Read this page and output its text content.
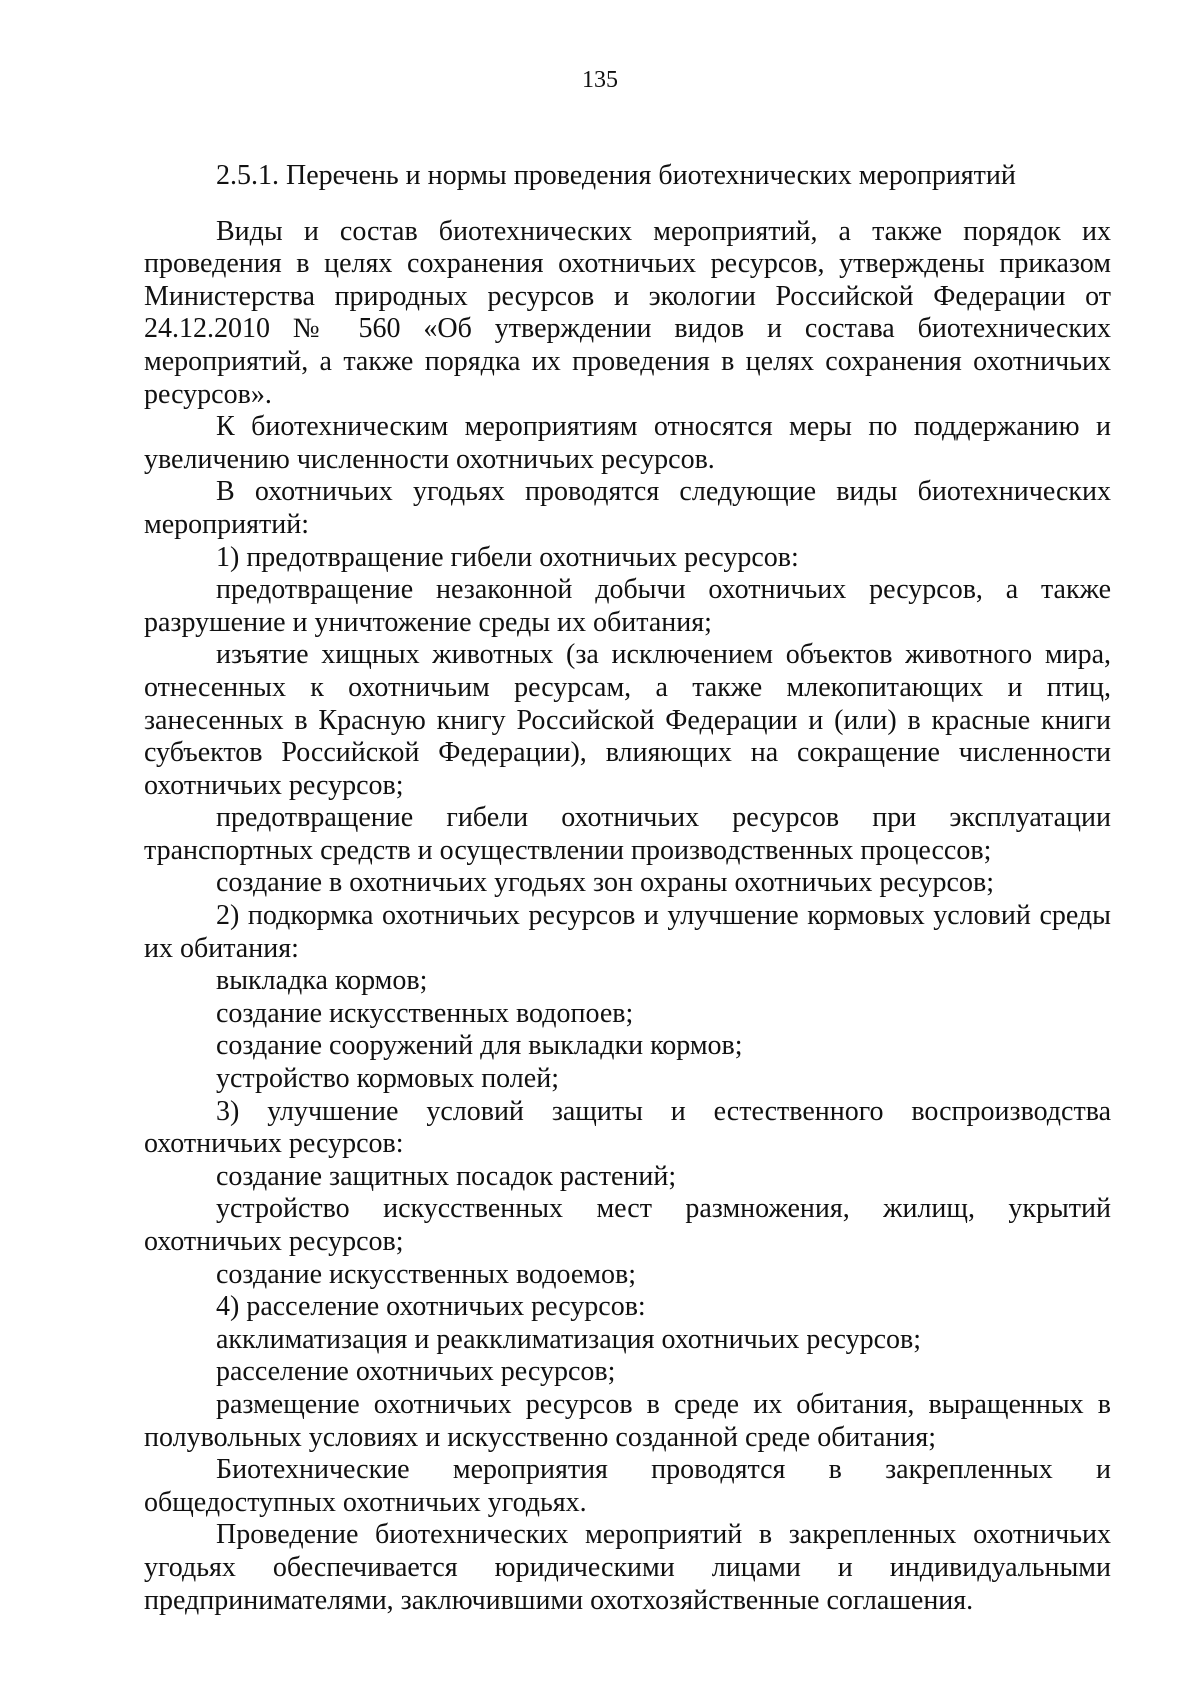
135

2.5.1. Перечень и нормы проведения биотехнических мероприятий

Виды и состав биотехнических мероприятий, а также порядок их проведения в целях сохранения охотничьих ресурсов, утверждены приказом Министерства природных ресурсов и экологии Российской Федерации от 24.12.2010 № 560 «Об утверждении видов и состава биотехнических мероприятий, а также порядка их проведения в целях сохранения охотничьих ресурсов».

К биотехническим мероприятиям относятся меры по поддержанию и увеличению численности охотничьих ресурсов.

В охотничьих угодьях проводятся следующие виды биотехнических мероприятий:

1) предотвращение гибели охотничьих ресурсов:

предотвращение незаконной добычи охотничьих ресурсов, а также разрушение и уничтожение среды их обитания;

изъятие хищных животных (за исключением объектов животного мира, отнесенных к охотничьим ресурсам, а также млекопитающих и птиц, занесенных в Красную книгу Российской Федерации и (или) в красные книги субъектов Российской Федерации), влияющих на сокращение численности охотничьих ресурсов;

предотвращение гибели охотничьих ресурсов при эксплуатации транспортных средств и осуществлении производственных процессов;

создание в охотничьих угодьях зон охраны охотничьих ресурсов;

2) подкормка охотничьих ресурсов и улучшение кормовых условий среды их обитания:

выкладка кормов;

создание искусственных водопоев;

создание сооружений для выкладки кормов;

устройство кормовых полей;

3) улучшение условий защиты и естественного воспроизводства охотничьих ресурсов:

создание защитных посадок растений;

устройство искусственных мест размножения, жилищ, укрытий охотничьих ресурсов;

создание искусственных водоемов;

4) расселение охотничьих ресурсов:

акклиматизация и реакклиматизация охотничьих ресурсов;

расселение охотничьих ресурсов;

размещение охотничьих ресурсов в среде их обитания, выращенных в полувольных условиях и искусственно созданной среде обитания;

Биотехнические мероприятия проводятся в закрепленных и общедоступных охотничьих угодьях.

Проведение биотехнических мероприятий в закрепленных охотничьих угодьях обеспечивается юридическими лицами и индивидуальными предпринимателями, заключившими охотхозяйственные соглашения.
